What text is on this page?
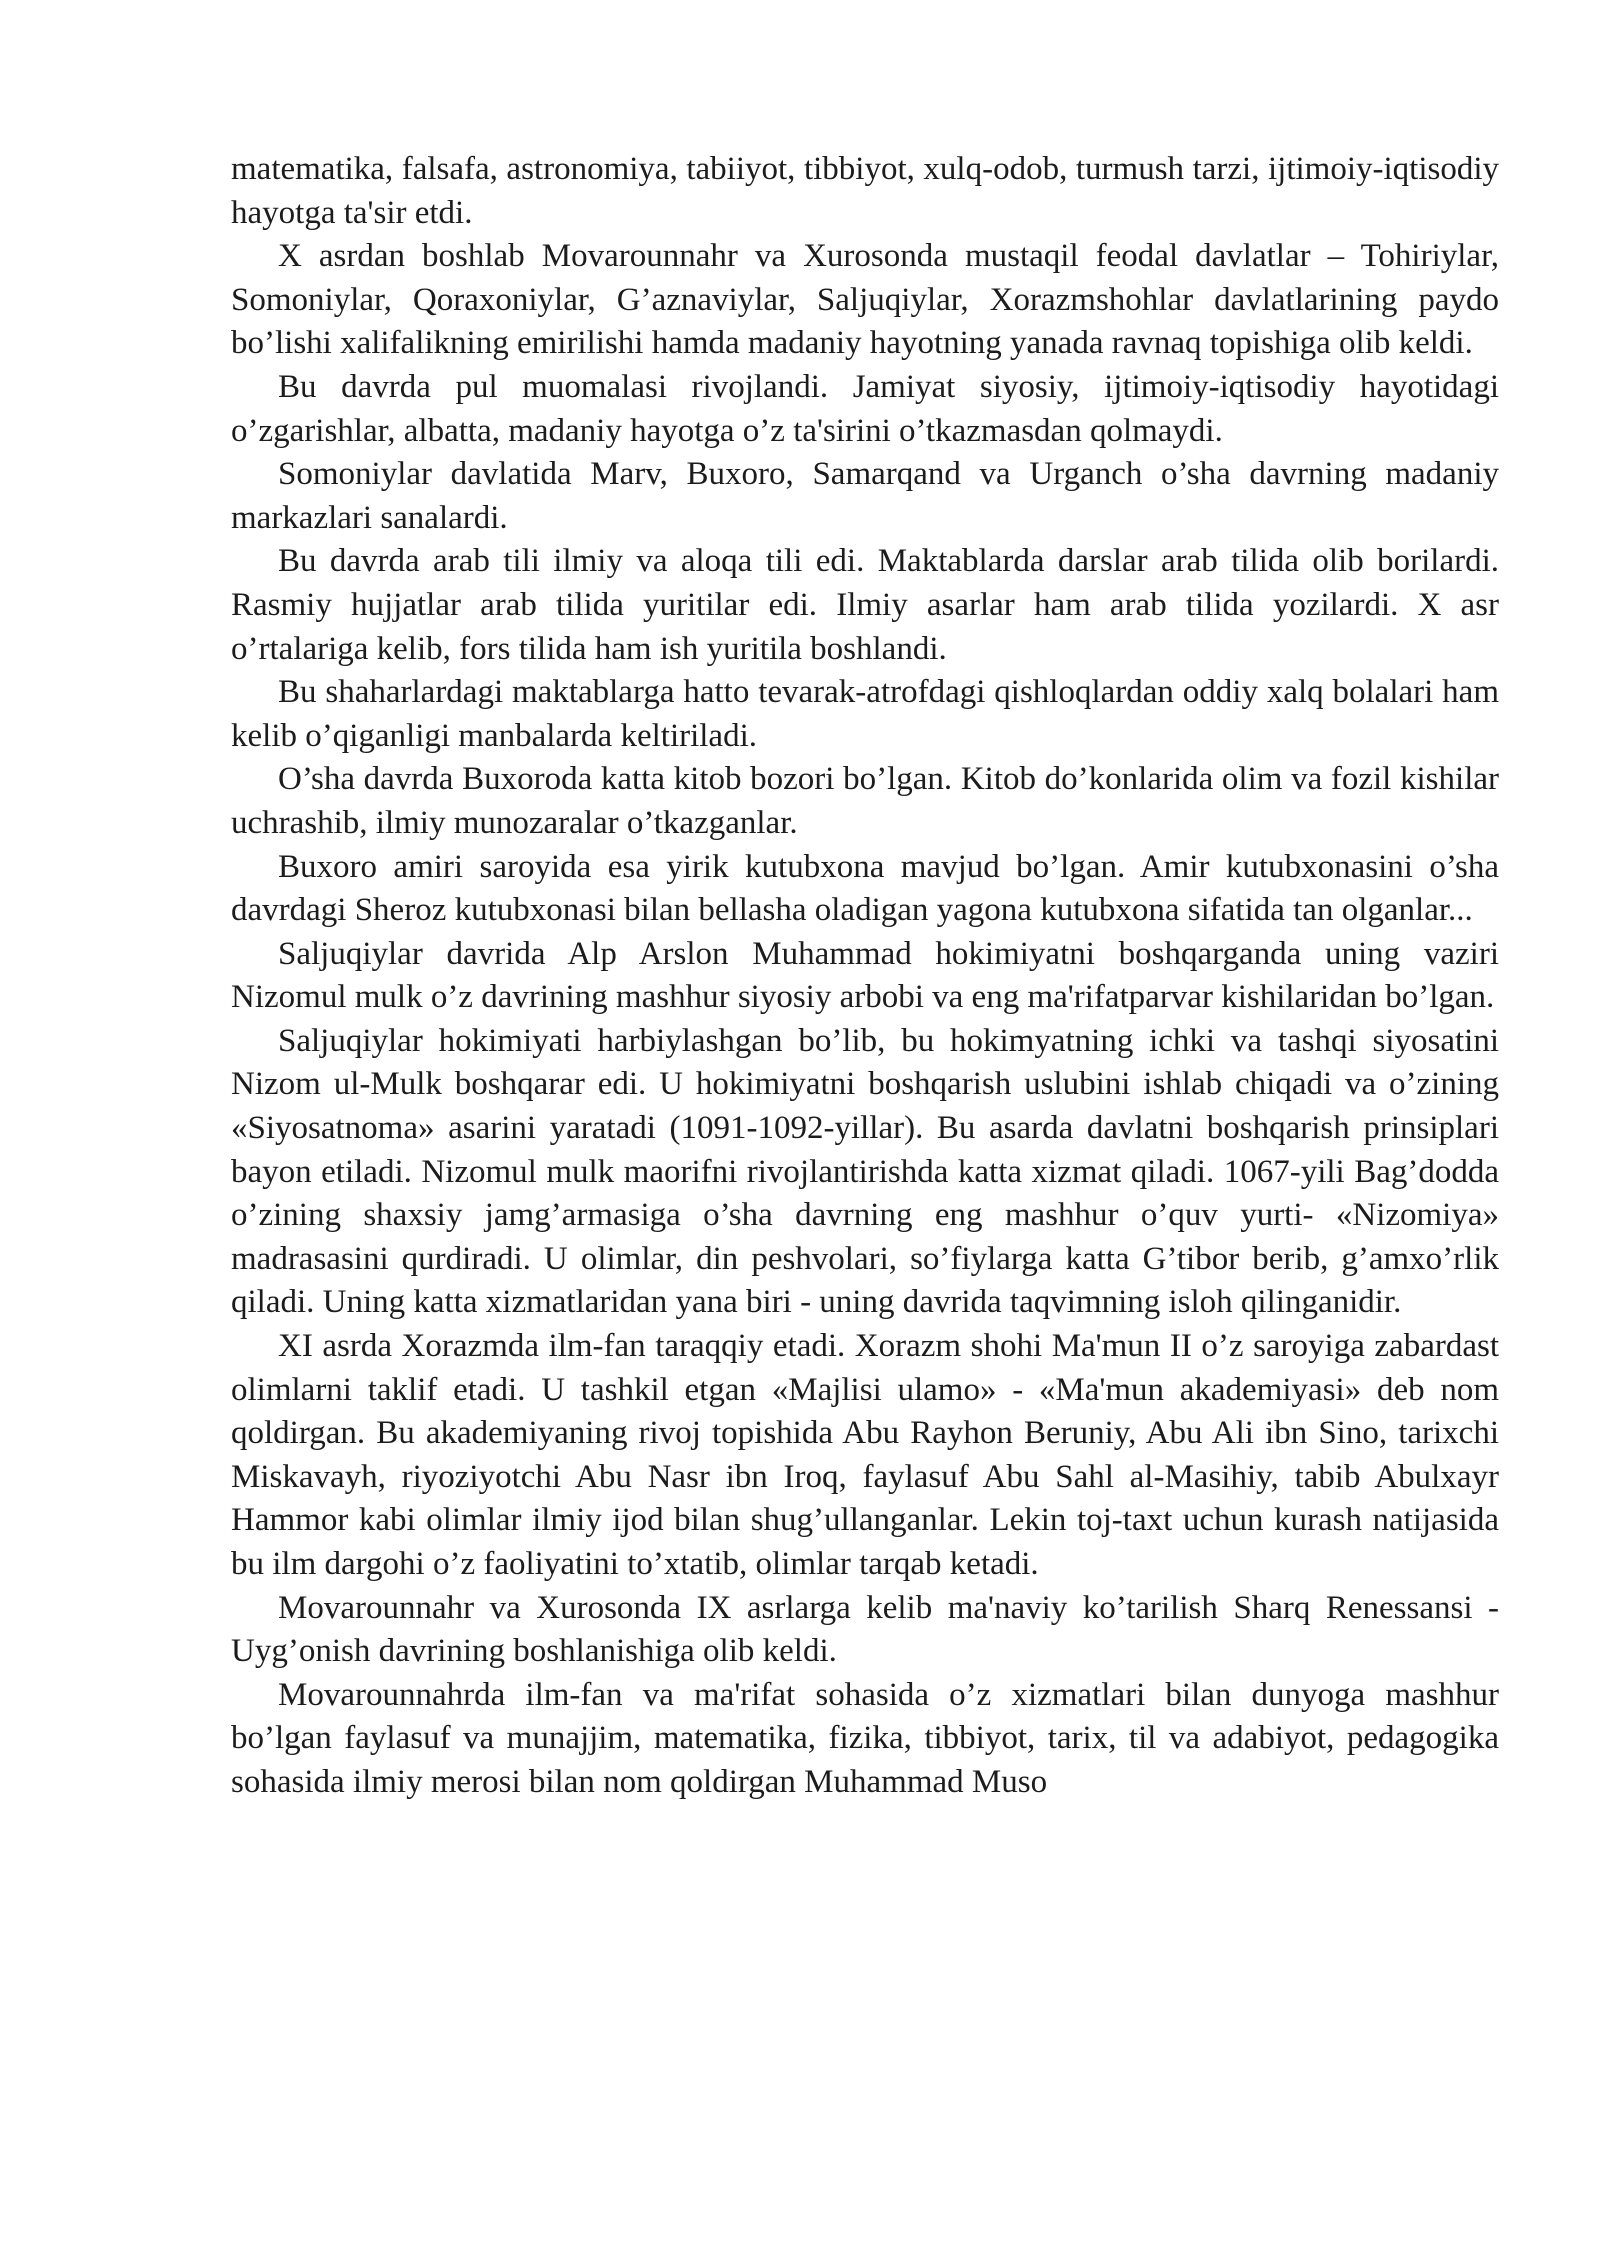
matematika, falsafa, astronomiya, tabiiyot, tibbiyot, xulq-odob, turmush tarzi, ijtimoiy-iqtisodiy hayotga ta'sir etdi.

X asrdan boshlab Movarounnahr va Xurosonda mustaqil feodal davlatlar – Tohiriylar, Somoniylar, Qoraxoniylar, G’aznaviylar, Saljuqiylar, Xorazmshohlar davlatlarining paydo bo’lishi xalifalikning emirilishi hamda madaniy hayotning yanada ravnaq topishiga olib keldi.

Bu davrda pul muomalasi rivojlandi. Jamiyat siyosiy, ijtimoiy-iqtisodiy hayotidagi o’zgarishlar, albatta, madaniy hayotga o’z ta'sirini o’tkazmasdan qolmaydi.

Somoniylar davlatida Marv, Buxoro, Samarqand va Urganch o’sha davrning madaniy markazlari sanalardi.

Bu davrda arab tili ilmiy va aloqa tili edi. Maktablarda darslar arab tilida olib borilardi. Rasmiy hujjatlar arab tilida yuritilar edi. Ilmiy asarlar ham arab tilida yozilardi. X asr o’rtalariga kelib, fors tilida ham ish yuritila boshlandi.

Bu shaharlardagi maktablarga hatto tevarak-atrofdagi qishloqlardan oddiy xalq bolalari ham kelib o’qiganligi manbalarda keltiriladi.

O’sha davrda Buxoroda katta kitob bozori bo’lgan. Kitob do’konlarida olim va fozil kishilar uchrashib, ilmiy munozaralar o’tkazganlar.

Buxoro amiri saroyida esa yirik kutubxona mavjud bo’lgan. Amir kutubxonasini o’sha davrdagi Sheroz kutubxonasi bilan bellasha oladigan yagona kutubxona sifatida tan olganlar...

Saljuqiylar davrida Alp Arslon Muhammad hokimiyatni boshqarganda uning vaziri Nizomul mulk o’z davrining mashhur siyosiy arbobi va eng ma'rifatparvar kishilaridan bo’lgan.

Saljuqiylar hokimiyati harbiylashgan bo’lib, bu hokimyatning ichki va tashqi siyosatini Nizom ul-Mulk boshqarar edi. U hokimiyatni boshqarish uslubini ishlab chiqadi va o’zining «Siyosatnoma» asarini yaratadi (1091-1092-yillar). Bu asarda davlatni boshqarish prinsiplari bayon etiladi. Nizomul mulk maorifni rivojlantirishda katta xizmat qiladi. 1067-yili Bag’dodda o’zining shaxsiy jamg’armasiga o’sha davrning eng mashhur o’quv yurti- «Nizomiya» madrasasini qurdiradi. U olimlar, din peshvolari, so’fiylarga katta G’tibor berib, g’amxo’rlik qiladi. Uning katta xizmatlaridan yana biri - uning davrida taqvimning isloh qilinganidir.

XI asrda Xorazmda ilm-fan taraqqiy etadi. Xorazm shohi Ma'mun II o’z saroyiga zabardast olimlarni taklif etadi. U tashkil etgan «Majlisi ulamo» - «Ma'mun akademiyasi» deb nom qoldirgan. Bu akademiyaning rivoj topishida Abu Rayhon Beruniy, Abu Ali ibn Sino, tarixchi Miskavayh, riyoziyotchi Abu Nasr ibn Iroq, faylasuf Abu Sahl al-Masihiy, tabib Abulxayr Hammor kabi olimlar ilmiy ijod bilan shug’ullanganlar. Lekin toj-taxt uchun kurash natijasida bu ilm dargohi o’z faoliyatini to’xtatib, olimlar tarqab ketadi.

Movarounnahr va Xurosonda IX asrlarga kelib ma'naviy ko’tarilish Sharq Renessansi - Uyg’onish davrining boshlanishiga olib keldi.

Movarounnahrda ilm-fan va ma'rifat sohasida o’z xizmatlari bilan dunyoga mashhur bo’lgan faylasuf va munajjim, matematika, fizika, tibbiyot, tarix, til va adabiyot, pedagogika sohasida ilmiy merosi bilan nom qoldirgan Muhammad Muso
